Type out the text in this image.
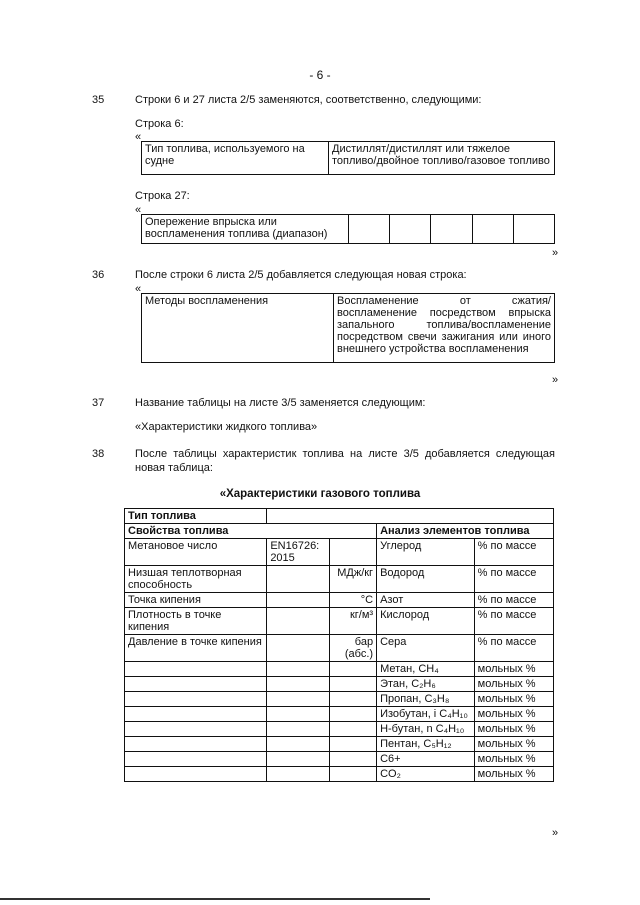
- 6 -
35	Строки 6 и 27 листа 2/5 заменяются, соответственно, следующими:
Строка 6:
«
Тип топлива, используемого на судне	Дистиллят/дистиллят или тяжелое топливо/двойное топливо/газовое топливо
Строка 27:
«
Опережение впрыска или воспламенения топлива (диапазон)					
»
36	После строки 6 листа 2/5 добавляется следующая новая строка:
«
Методы воспламенения	Воспламенение от сжатия/воспламенение посредством впрыска запального топлива/воспламенение посредством свечи зажигания или иного внешнего устройства воспламенения
»
37	Название таблицы на листе 3/5 заменяется следующим:
«Характеристики жидкого топлива»
38	После таблицы характеристик топлива на листе 3/5 добавляется следующая новая таблица:
«Характеристики газового топлива
Тип топлива				
Свойства топлива			Анализ элементов топлива	
Метановое число	EN16726: 2015		Углерод	% по массе
Низшая теплотворная способность		МДж/кг	Водород	% по массе
Точка кипения		°C	Азот	% по массе
Плотность в точке кипения		кг/м³	Кислород	% по массе
Давление в точке кипения		бар (абс.)	Сера	% по массе
			Метан, CH₄	мольных %
			Этан, C₂H₆	мольных %
			Пропан, C₃H₈	мольных %
			Изобутан, i C₄H₁₀	мольных %
			Н-бутан, n C₄H₁₀	мольных %
			Пентан, C₅H₁₂	мольных %
			C6+	мольных %
			CO₂	мольных %
»
